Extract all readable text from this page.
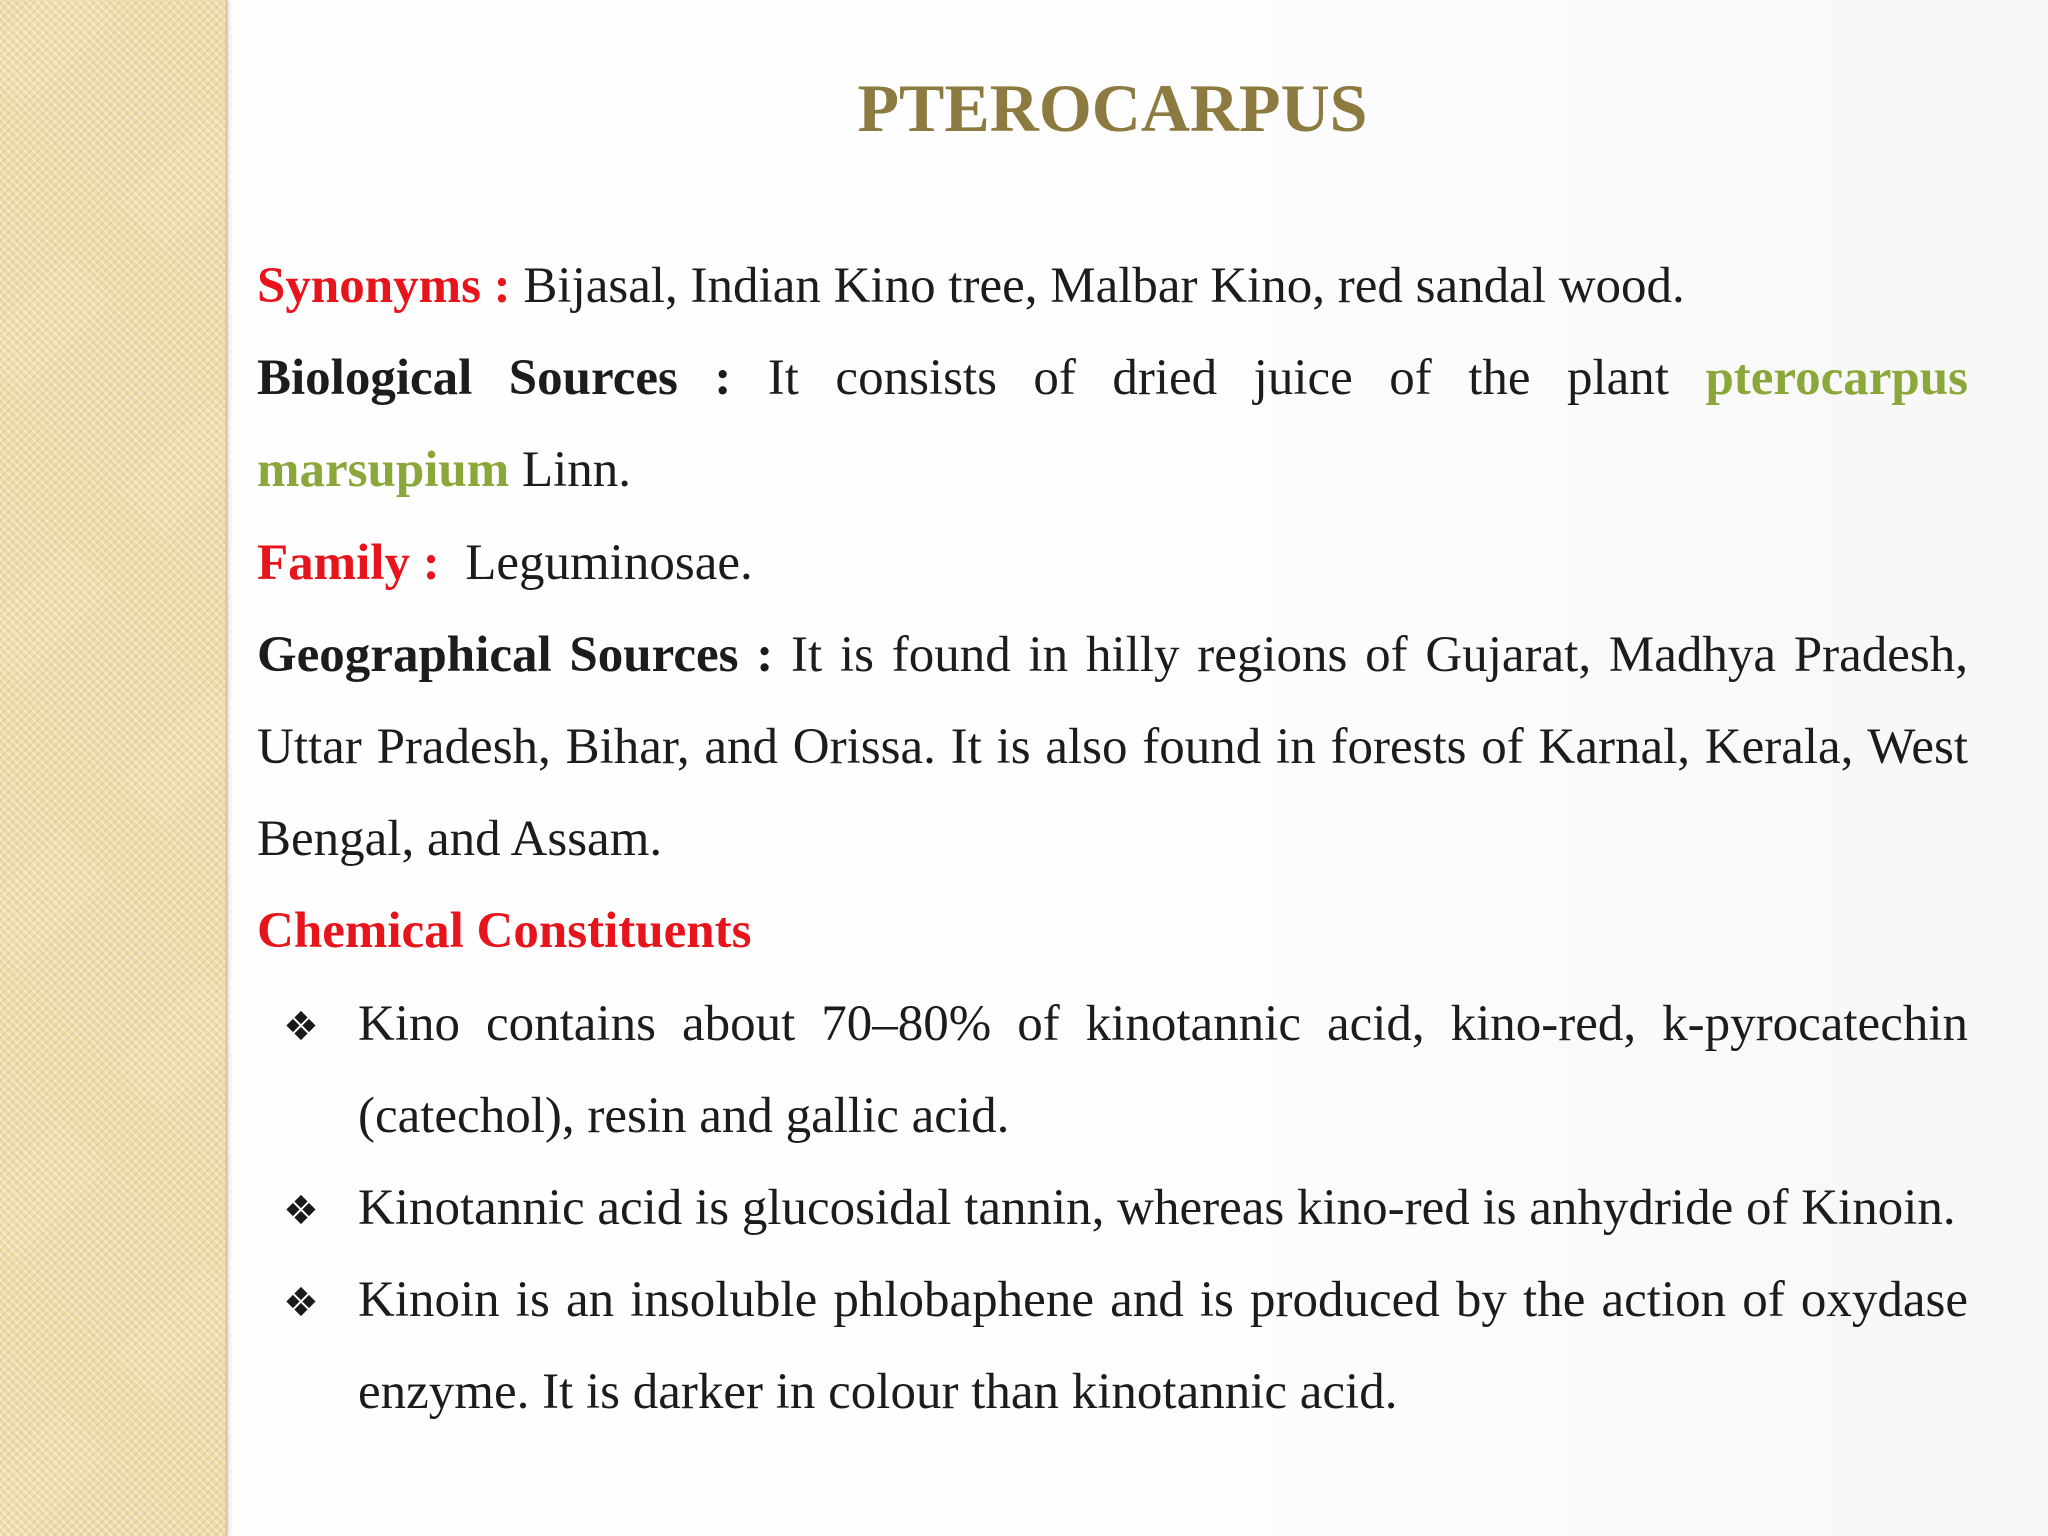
PTEROCARPUS
Synonyms : Bijasal, Indian Kino tree, Malbar Kino, red sandal wood.
Biological Sources : It consists of dried juice of the plant pterocarpus
marsupium Linn.
Family :  Leguminosae.
Geographical Sources : It is found in hilly regions of Gujarat, Madhya Pradesh,
Uttar Pradesh, Bihar, and Orissa. It is also found in forests of Karnal, Kerala, West
Bengal, and Assam.
Chemical Constituents
❖ Kino contains about 70–80% of kinotannic acid, kino-red, k-pyrocatechin
(catechol), resin and gallic acid.
❖ Kinotannic acid is glucosidal tannin, whereas kino-red is anhydride of Kinoin.
❖ Kinoin is an insoluble phlobaphene and is produced by the action of oxydase
enzyme. It is darker in colour than kinotannic acid.
